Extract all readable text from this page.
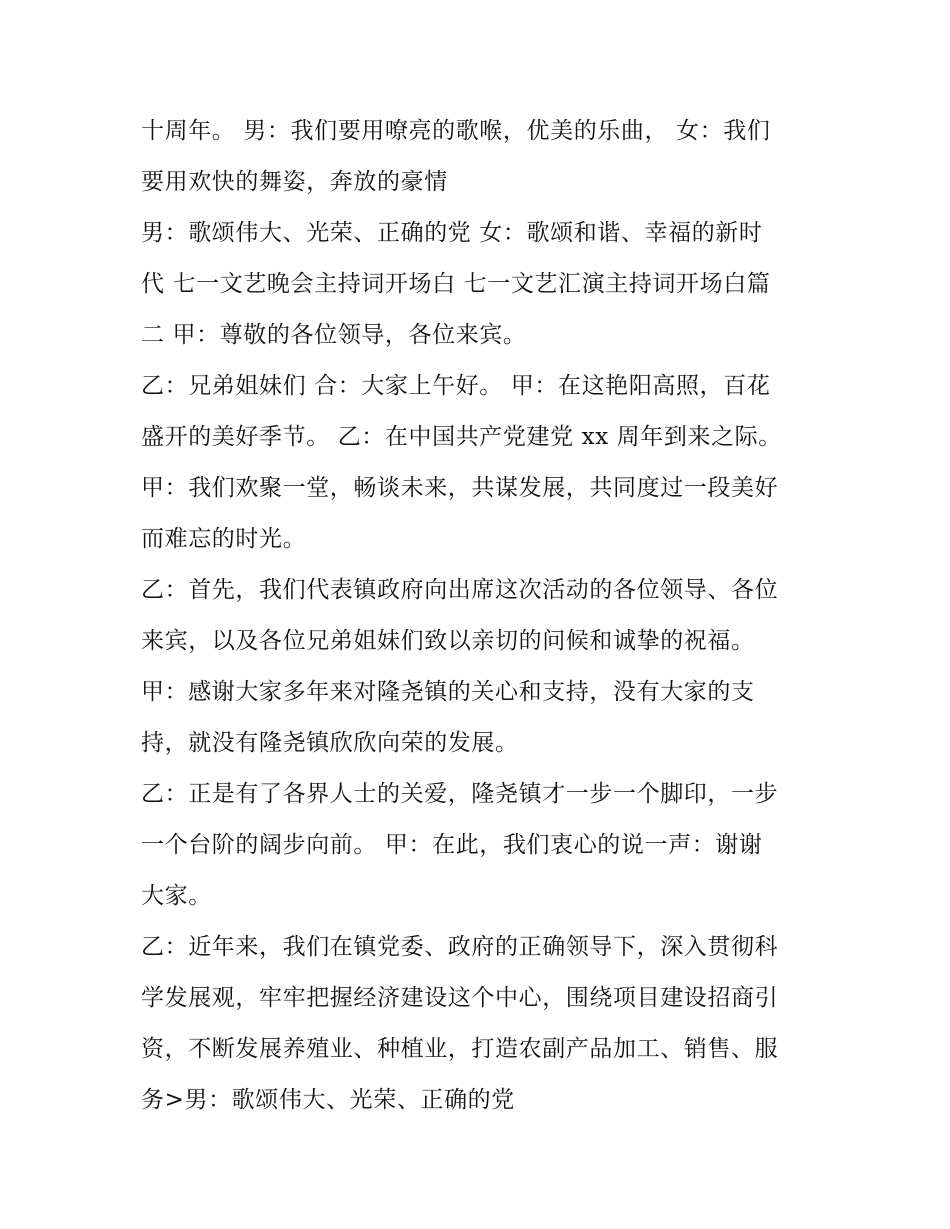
十周年。 男：我们要用嘹亮的歌喉，优美的乐曲， 女：我们
要用欢快的舞姿，奔放的豪情
男：歌颂伟大、光荣、正确的党 女：歌颂和谐、幸福的新时
代 七一文艺晚会主持词开场白 七一文艺汇演主持词开场白篇
二 甲：尊敬的各位领导，各位来宾。
乙：兄弟姐妹们 合：大家上午好。 甲：在这艳阳高照，百花
盛开的美好季节。 乙：在中国共产党建党 xx 周年到来之际。
甲：我们欢聚一堂，畅谈未来，共谋发展，共同度过一段美好
而难忘的时光。
乙：首先，我们代表镇政府向出席这次活动的各位领导、各位
来宾，以及各位兄弟姐妹们致以亲切的问候和诚挚的祝福。
甲：感谢大家多年来对隆尧镇的关心和支持，没有大家的支
持，就没有隆尧镇欣欣向荣的发展。
乙：正是有了各界人士的关爱，隆尧镇才一步一个脚印，一步
一个台阶的阔步向前。 甲：在此，我们衷心的说一声：谢谢
大家。
乙：近年来，我们在镇党委、政府的正确领导下，深入贯彻科
学发展观，牢牢把握经济建设这个中心，围绕项目建设招商引
资，不断发展养殖业、种植业，打造农副产品加工、销售、服
务>男：歌颂伟大、光荣、正确的党
